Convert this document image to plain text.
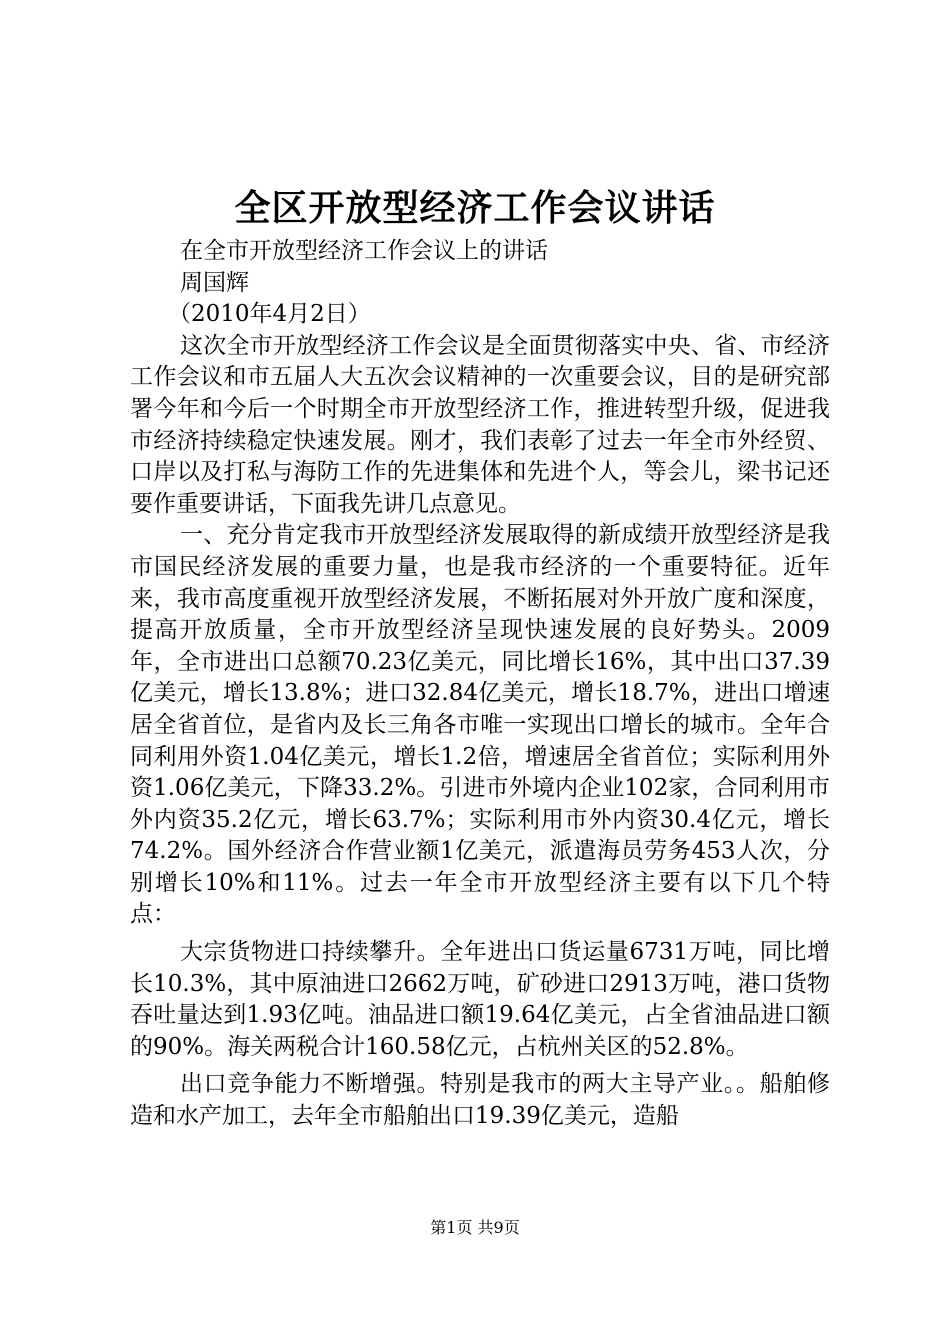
全区开放型经济工作会议讲话

在全市开放型经济工作会议上的讲话

周国辉

（2010年4月2日）

这次全市开放型经济工作会议是全面贯彻落实中央、省、市经济工作会议和市五届人大五次会议精神的一次重要会议，目的是研究部署今年和今后一个时期全市开放型经济工作，推进转型升级，促进我市经济持续稳定快速发展。刚才，我们表彰了过去一年全市外经贸、口岸以及打私与海防工作的先进集体和先进个人，等会儿，梁书记还要作重要讲话，下面我先讲几点意见。

一、充分肯定我市开放型经济发展取得的新成绩开放型经济是我市国民经济发展的重要力量，也是我市经济的一个重要特征。近年来，我市高度重视开放型经济发展，不断拓展对外开放广度和深度，提高开放质量，全市开放型经济呈现快速发展的良好势头。2009年，全市进出口总额70.23亿美元，同比增长16%，其中出口37.39亿美元，增长13.8%；进口32.84亿美元，增长18.7%，进出口增速居全省首位，是省内及长三角各市唯一实现出口增长的城市。全年合同利用外资1.04亿美元，增长1.2倍，增速居全省首位；实际利用外资1.06亿美元，下降33.2%。引进市外境内企业102家，合同利用市外内资35.2亿元，增长63.7%；实际利用市外内资30.4亿元，增长74.2%。国外经济合作营业额1亿美元，派遣海员劳务453人次，分别增长10%和11%。过去一年全市开放型经济主要有以下几个特点：

大宗货物进口持续攀升。全年进出口货运量6731万吨，同比增长10.3%，其中原油进口2662万吨，矿砂进口2913万吨，港口货物吞吐量达到1.93亿吨。油品进口额19.64亿美元，占全省油品进口额的90%。海关两税合计160.58亿元，占杭州关区的52.8%。

出口竞争能力不断增强。特别是我市的两大主导产业。。船舶修造和水产加工，去年全市船舶出口19.39亿美元，造船

第1页 共9页
